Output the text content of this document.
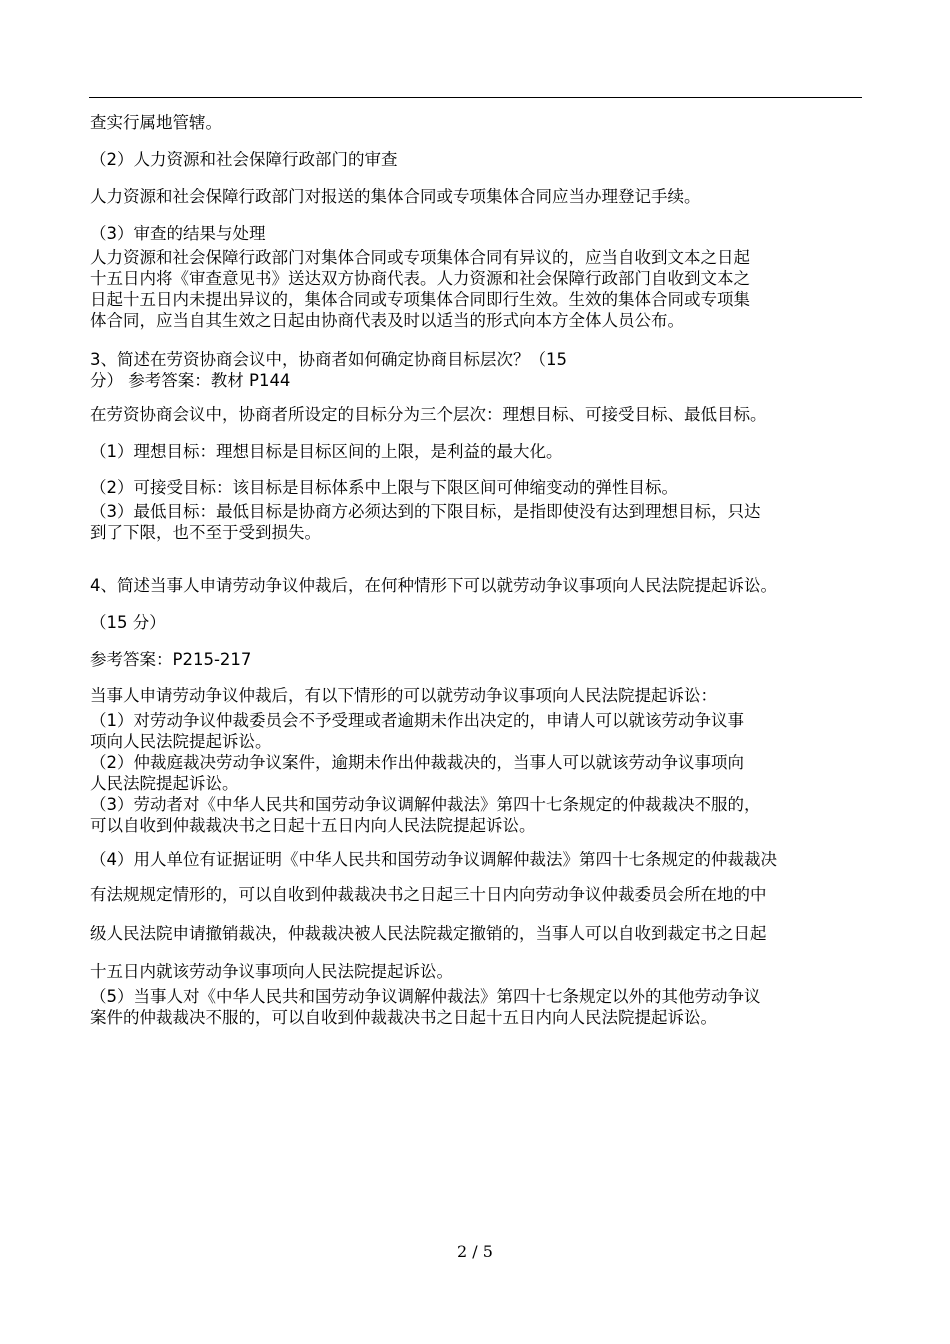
查实行属地管辖。
（2）人力资源和社会保障行政部门的审查
人力资源和社会保障行政部门对报送的集体合同或专项集体合同应当办理登记手续。
（3）审查的结果与处理
人力资源和社会保障行政部门对集体合同或专项集体合同有异议的，应当自收到文本之日起
十五日内将《审查意见书》送达双方协商代表。人力资源和社会保障行政部门自收到文本之
日起十五日内未提出异议的，集体合同或专项集体合同即行生效。生效的集体合同或专项集
体合同，应当自其生效之日起由协商代表及时以适当的形式向本方全体人员公布。
3、简述在劳资协商会议中，协商者如何确定协商目标层次？（15
分） 参考答案：教材 P144
在劳资协商会议中，协商者所设定的目标分为三个层次：理想目标、可接受目标、最低目标。
（1）理想目标：理想目标是目标区间的上限，是利益的最大化。
（2）可接受目标：该目标是目标体系中上限与下限区间可伸缩变动的弹性目标。
（3）最低目标：最低目标是协商方必须达到的下限目标，是指即使没有达到理想目标，只达
到了下限，也不至于受到损失。
4、简述当事人申请劳动争议仲裁后，在何种情形下可以就劳动争议事项向人民法院提起诉讼。
（15 分）
参考答案：P215-217
当事人申请劳动争议仲裁后，有以下情形的可以就劳动争议事项向人民法院提起诉讼：
（1）对劳动争议仲裁委员会不予受理或者逾期未作出决定的，申请人可以就该劳动争议事
项向人民法院提起诉讼。
（2）仲裁庭裁决劳动争议案件，逾期未作出仲裁裁决的，当事人可以就该劳动争议事项向
人民法院提起诉讼。
（3）劳动者对《中华人民共和国劳动争议调解仲裁法》第四十七条规定的仲裁裁决不服的，
可以自收到仲裁裁决书之日起十五日内向人民法院提起诉讼。
（4）用人单位有证据证明《中华人民共和国劳动争议调解仲裁法》第四十七条规定的仲裁裁决
有法规规定情形的，可以自收到仲裁裁决书之日起三十日内向劳动争议仲裁委员会所在地的中
级人民法院申请撤销裁决，仲裁裁决被人民法院裁定撤销的，当事人可以自收到裁定书之日起
十五日内就该劳动争议事项向人民法院提起诉讼。
（5）当事人对《中华人民共和国劳动争议调解仲裁法》第四十七条规定以外的其他劳动争议
案件的仲裁裁决不服的，可以自收到仲裁裁决书之日起十五日内向人民法院提起诉讼。
2 / 5
